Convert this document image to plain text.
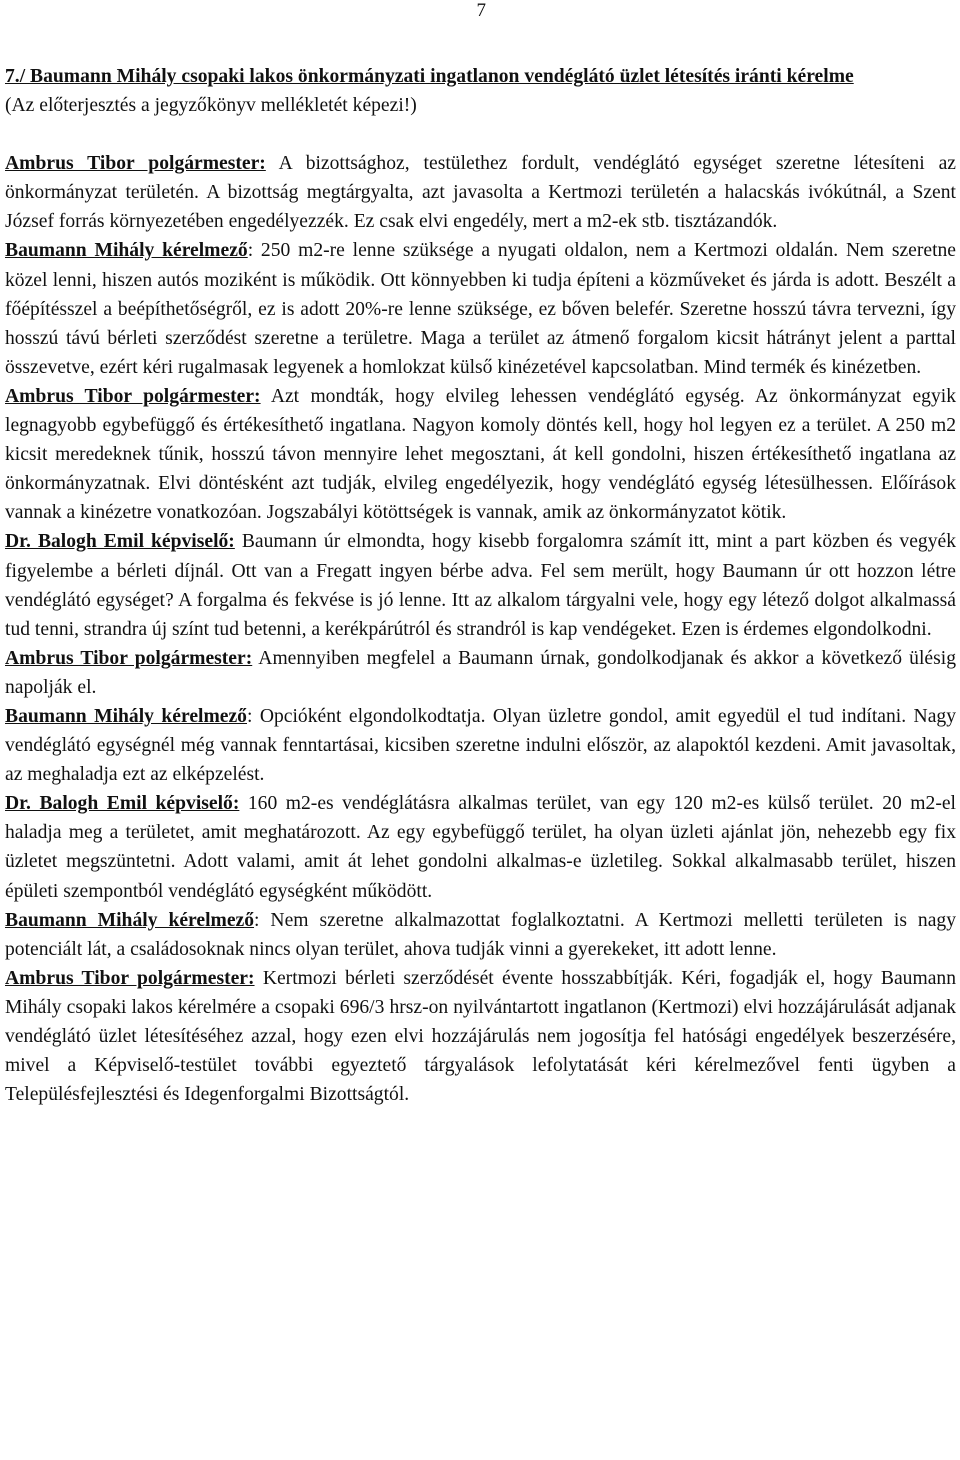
7

7./ Baumann Mihály csopaki lakos önkormányzati ingatlanon vendéglátó üzlet létesítés iránti kérelme

(Az előterjesztés a jegyzőkönyv mellékletét képezi!)

Ambrus Tibor polgármester: A bizottsághoz, testülethez fordult, vendéglátó egységet szeretne létesíteni az önkormányzat területén. A bizottság megtárgyalta, azt javasolta a Kertmozi területén a halacskás ivókútnál, a Szent József forrás környezetében engedélyezzék. Ez csak elvi engedély, mert a m2-ek stb. tisztázandók.

Baumann Mihály kérelmező: 250 m2-re lenne szüksége a nyugati oldalon, nem a Kertmozi oldalán. Nem szeretne közel lenni, hiszen autós moziként is működik. Ott könnyebben ki tudja építeni a közműveket és járda is adott. Beszélt a főépítésszel a beépíthetőségről, ez is adott 20%-re lenne szüksége, ez bőven belefér. Szeretne hosszú távra tervezni, így hosszú távú bérleti szerződést szeretne a területre. Maga a terület az átmenő forgalom kicsit hátrányt jelent a parttal összevetve, ezért kéri rugalmasak legyenek a homlokzat külső kinézetével kapcsolatban. Mind termék és kinézetben.

Ambrus Tibor polgármester: Azt mondták, hogy elvileg lehessen vendéglátó egység. Az önkormányzat egyik legnagyobb egybefüggő és értékesíthető ingatlana. Nagyon komoly döntés kell, hogy hol legyen ez a terület. A 250 m2 kicsit meredeknek tűnik, hosszú távon mennyire lehet megosztani, át kell gondolni, hiszen értékesíthető ingatlana az önkormányzatnak. Elvi döntésként azt tudják, elvileg engedélyezik, hogy vendéglátó egység létesülhessen. Előírások vannak a kinézetre vonatkozóan. Jogszabályi kötöttségek is vannak, amik az önkormányzatot kötik.

Dr. Balogh Emil képviselő: Baumann úr elmondta, hogy kisebb forgalomra számít itt, mint a part közben és vegyék figyelembe a bérleti díjnál. Ott van a Fregatt ingyen bérbe adva. Fel sem merült, hogy Baumann úr ott hozzon létre vendéglátó egységet? A forgalma és fekvése is jó lenne. Itt az alkalom tárgyalni vele, hogy egy létező dolgot alkalmassá tud tenni, strandra új színt tud betenni, a kerékpárútról és strandról is kap vendégeket. Ezen is érdemes elgondolkodni.

Ambrus Tibor polgármester: Amennyiben megfelel a Baumann úrnak, gondolkodjanak és akkor a következő ülésig napolják el.

Baumann Mihály kérelmező: Opcióként elgondolkodtatja. Olyan üzletre gondol, amit egyedül el tud indítani. Nagy vendéglátó egységnél még vannak fenntartásai, kicsiben szeretne indulni először, az alapoktól kezdeni. Amit javasoltak, az meghaladja ezt az elképzelést.

Dr. Balogh Emil képviselő: 160 m2-es vendéglátásra alkalmas terület, van egy 120 m2-es külső terület. 20 m2-el haladja meg a területet, amit meghatározott. Az egy egybefüggő terület, ha olyan üzleti ajánlat jön, nehezebb egy fix üzletet megszüntetni. Adott valami, amit át lehet gondolni alkalmas-e üzletileg. Sokkal alkalmasabb terület, hiszen épületi szempontból vendéglátó egységként működött.

Baumann Mihály kérelmező: Nem szeretne alkalmazottat foglalkoztatni. A Kertmozi melletti területen is nagy potenciált lát, a családosoknak nincs olyan terület, ahova tudják vinni a gyerekeket, itt adott lenne.

Ambrus Tibor polgármester: Kertmozi bérleti szerződését évente hosszabbítják. Kéri, fogadják el, hogy Baumann Mihály csopaki lakos kérelmére a csopaki 696/3 hrsz-on nyilvántartott ingatlanon (Kertmozi) elvi hozzájárulását adjanak vendéglátó üzlet létesítéséhez azzal, hogy ezen elvi hozzájárulás nem jogosítja fel hatósági engedélyek beszerzésére, mivel a Képviselő-testület további egyeztető tárgyalások lefolytatását kéri kérelmezővel fenti ügyben a Településfejlesztési és Idegenforgalmi Bizottságtól.
